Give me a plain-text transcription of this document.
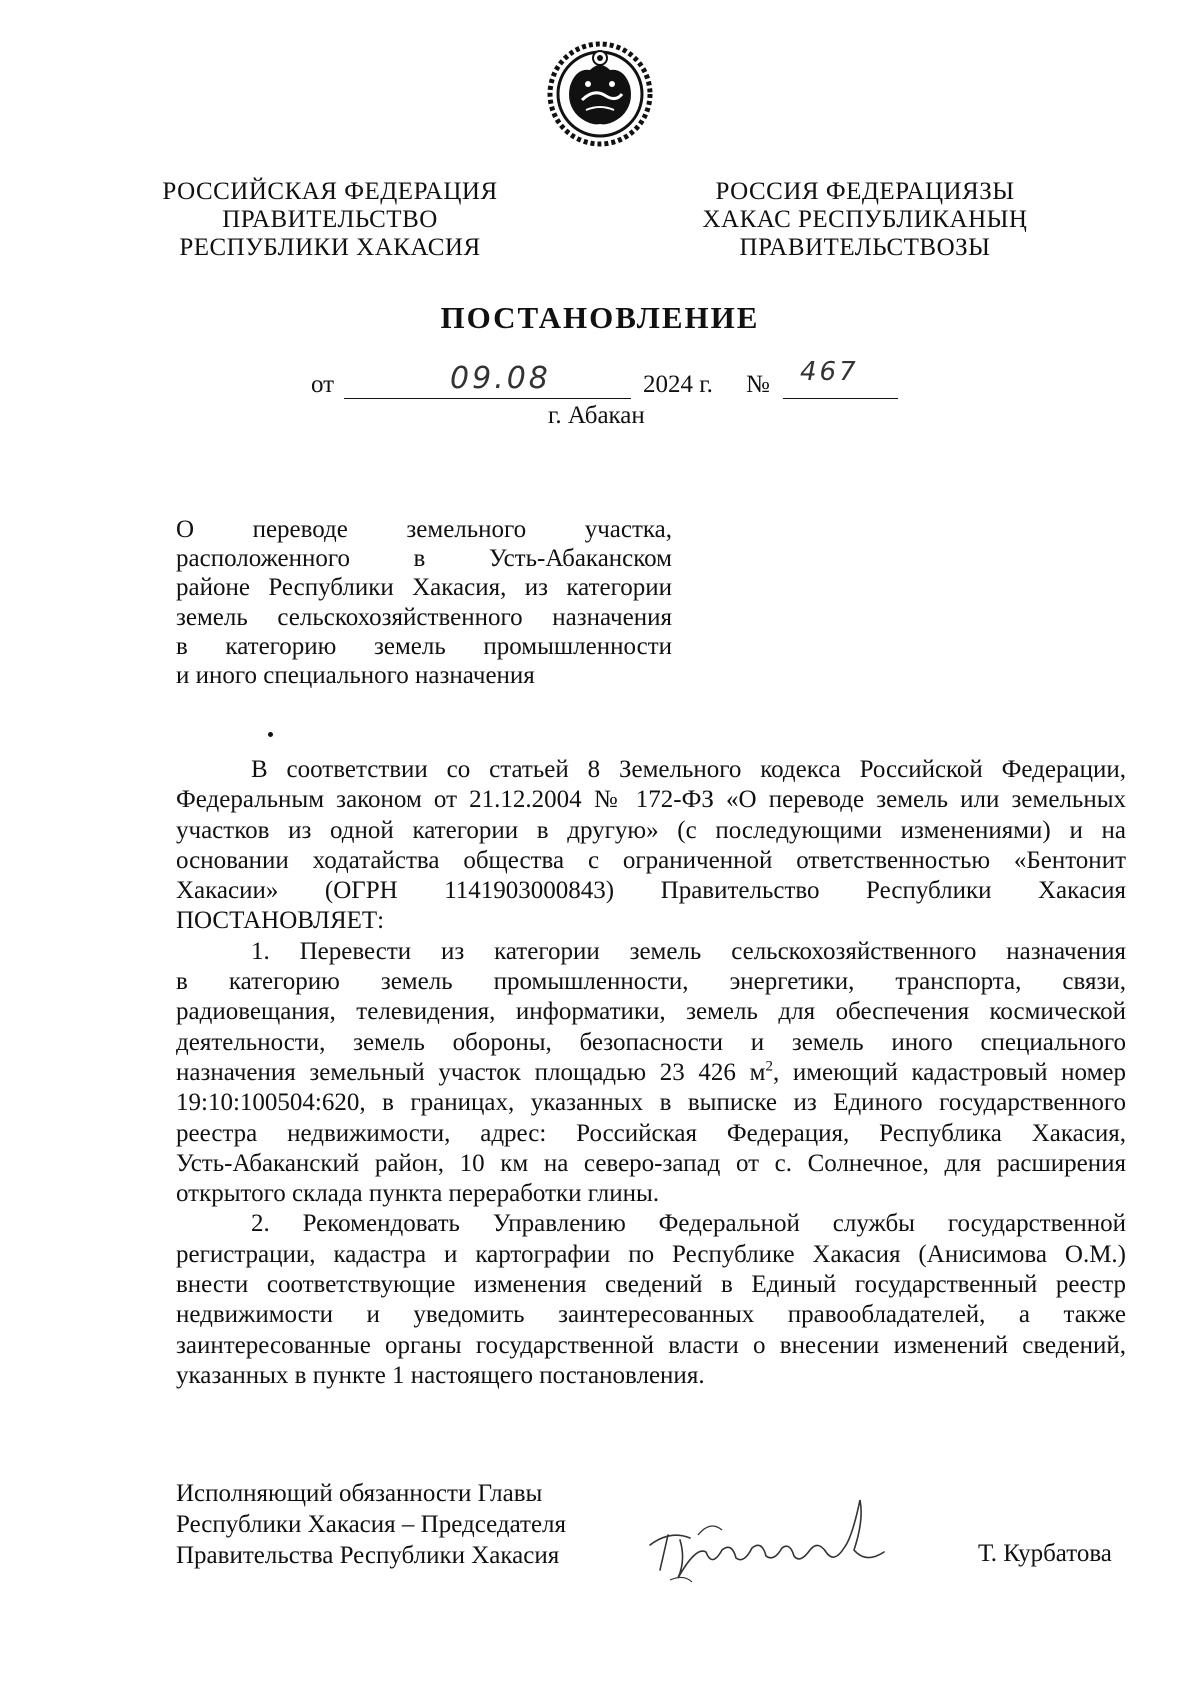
РОССИЙСКАЯ ФЕДЕРАЦИЯ
ПРАВИТЕЛЬСТВО
РЕСПУБЛИКИ ХАКАСИЯ
РОССИЯ ФЕДЕРАЦИЯЗЫ
ХАКАС РЕСПУБЛИКАНЫҢ
ПРАВИТЕЛЬСТВОЗЫ
ПОСТАНОВЛЕНИЕ
от	09.08	2024 г. № 467
г. Абакан
О переводе земельного участка,
расположенного в Усть-Абаканском
районе Республики Хакасия, из категории
земель сельскохозяйственного назначения
в категорию земель промышленности
и иного специального назначения
В соответствии со статьей 8 Земельного кодекса Российской Федерации,
Федеральным законом от 21.12.2004 № 172-ФЗ «О переводе земель или земельных
участков из одной категории в другую» (с последующими изменениями) и на
основании ходатайства общества с ограниченной ответственностью «Бентонит
Хакасии» (ОГРН 1141903000843) Правительство Республики Хакасия
ПОСТАНОВЛЯЕТ:
1. Перевести из категории земель сельскохозяйственного назначения
в категорию земель промышленности, энергетики, транспорта, связи,
радиовещания, телевидения, информатики, земель для обеспечения космической
деятельности, земель обороны, безопасности и земель иного специального
назначения земельный участок площадью 23 426 $м^2$, имеющий кадастровый номер
19:10:100504:620, в границах, указанных в выписке из Единого государственного
реестра недвижимости, адрес: Российская Федерация, Республика Хакасия,
Усть-Абаканский район, 10 км на северо-запад от с. Солнечное, для расширения
открытого склада пункта переработки глины.
2. Рекомендовать Управлению Федеральной службы государственной
регистрации, кадастра и картографии по Республике Хакасия (Анисимова О.М.)
внести соответствующие изменения сведений в Единый государственный реестр
недвижимости и уведомить заинтересованных правообладателей, а также
заинтересованные органы государственной власти о внесении изменений сведений,
указанных в пункте 1 настоящего постановления.
Исполняющий обязанности Главы
Республики Хакасия – Председателя
Правительства Республики Хакасия	Т. Курбатова
